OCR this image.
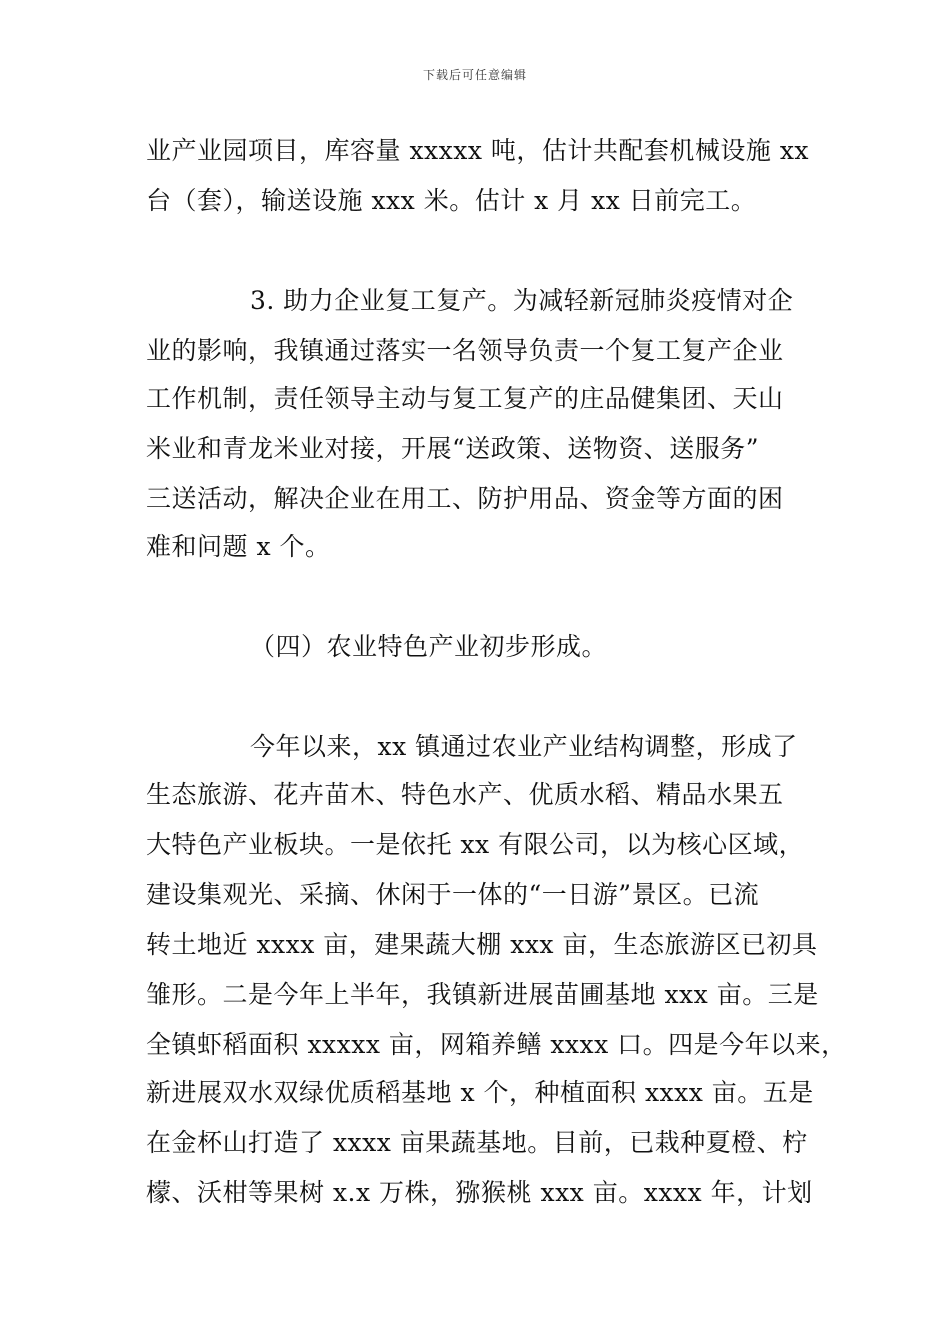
下载后可任意编辑
业产业园项目，库容量 xxxxx 吨，估计共配套机械设施 xx
台（套），输送设施 xxx 米。估计 x 月 xx 日前完工。
3. 助力企业复工复产。为减轻新冠肺炎疫情对企
业的影响，我镇通过落实一名领导负责一个复工复产企业
工作机制，责任领导主动与复工复产的庄品健集团、天山
米业和青龙米业对接，开展“送政策、送物资、送服务”
三送活动，解决企业在用工、防护用品、资金等方面的困
难和问题 x 个。
（四）农业特色产业初步形成。
今年以来，xx 镇通过农业产业结构调整，形成了
生态旅游、花卉苗木、特色水产、优质水稻、精品水果五
大特色产业板块。一是依托 xx 有限公司，以为核心区域，
建设集观光、采摘、休闲于一体的“一日游”景区。已流
转土地近 xxxx 亩，建果蔬大棚 xxx 亩，生态旅游区已初具
雏形。二是今年上半年，我镇新进展苗圃基地 xxx 亩。三是
全镇虾稻面积 xxxxx 亩，网箱养鳝 xxxx 口。四是今年以来，
新进展双水双绿优质稻基地 x 个，种植面积 xxxx 亩。五是
在金杯山打造了 xxxx 亩果蔬基地。目前，已栽种夏橙、柠
檬、沃柑等果树 x.x 万株，猕猴桃 xxx 亩。xxxx 年，计划
